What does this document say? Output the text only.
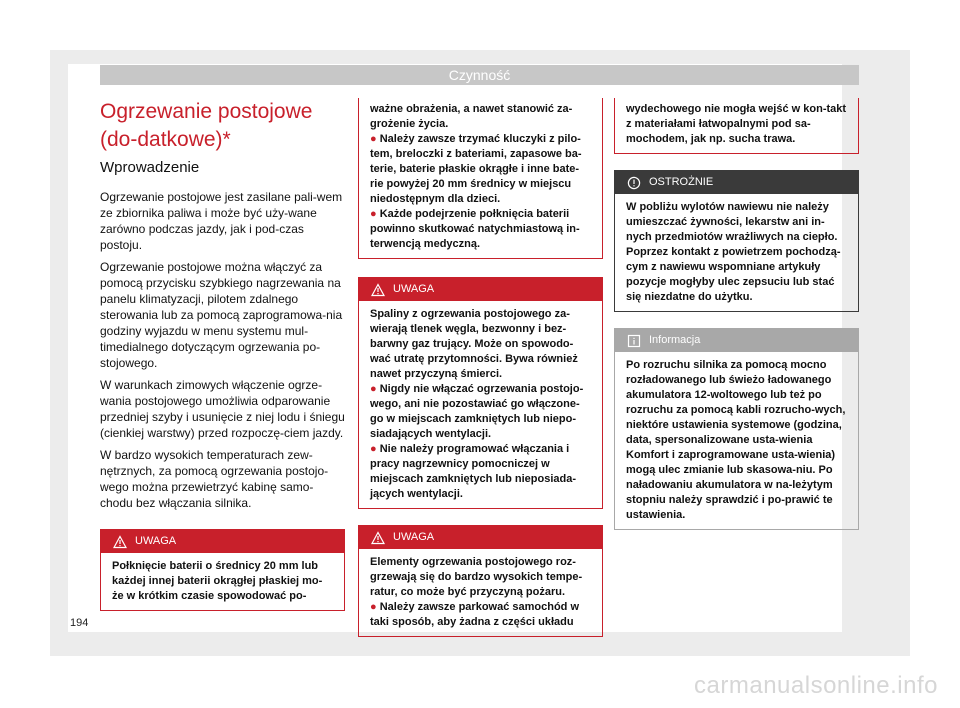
Czynność
Ogrzewanie postojowe (do-datkowe)*
Wprowadzenie

Ogrzewanie postojowe jest zasilane pali-wem ze zbiornika paliwa i może być uży-wane zarówno podczas jazdy, jak i pod-czas postoju.

Ogrzewanie postojowe można włączyć za pomocą przycisku szybkiego nagrzewania na panelu klimatyzacji, pilotem zdalnego sterowania lub za pomocą zaprogramowa-nia godziny wyjazdu w menu systemu mul-timedialnego dotyczącym ogrzewania po-stojowego.

W warunkach zimowych włączenie ogrze-wania postojowego umożliwia odparowanie przedniej szyby i usunięcie z niej lodu i śniegu (cienkiej warstwy) przed rozpoczę-ciem jazdy.

W bardzo wysokich temperaturach zew-nętrznych, za pomocą ogrzewania postojo-wego można przewietrzyć kabinę samo-chodu bez włączania silnika.

UWAGA

Połknięcie baterii o średnicy 20 mm lub każdej innej baterii okrągłej płaskiej mo-że w krótkim czasie spowodować po-

ważne obrażenia, a nawet stanowić za-grożenie życia.

● Należy zawsze trzymać kluczyki z pilo-tem, breloczki z bateriami, zapasowe ba-terie, baterie płaskie okrągłe i inne bate-rie powyżej 20 mm średnicy w miejscu niedostępnym dla dzieci.

● Każde podejrzenie połknięcia baterii powinno skutkować natychmiastową in-terwencją medyczną.

UWAGA

Spaliny z ogrzewania postojowego za-wierają tlenek węgla, bezwonny i bez-barwny gaz trujący. Może on spowodo-wać utratę przytomności. Bywa również nawet przyczyną śmierci.

● Nigdy nie włączać ogrzewania postojo-wego, ani nie pozostawiać go włączone-go w miejscach zamkniętych lub niepo-siadających wentylacji.

● Nie należy programować włączania i pracy nagrzewnicy pomocniczej w miejscach zamkniętych lub nieposiada-jących wentylacji.

UWAGA

Elementy ogrzewania postojowego roz-grzewają się do bardzo wysokich tempe-ratur, co może być przyczyną pożaru.

● Należy zawsze parkować samochód w taki sposób, aby żadna z części układu

wydechowego nie mogła wejść w kon-takt z materiałami łatwopalnymi pod sa-mochodem, jak np. sucha trawa.

OSTROŻNIE

W pobliżu wylotów nawiewu nie należy umieszczać żywności, lekarstw ani in-nych przedmiotów wrażliwych na ciepło. Poprzez kontakt z powietrzem pochodzą-cym z nawiewu wspomniane artykuły pozycje mogłyby ulec zepsuciu lub stać się niezdatne do użytku.

Informacja

Po rozruchu silnika za pomocą mocno rozładowanego lub świeżo ładowanego akumulatora 12-woltowego lub też po rozruchu za pomocą kabli rozrucho-wych, niektóre ustawienia systemowe (godzina, data, spersonalizowane usta-wienia Komfort i zaprogramowane usta-wienia) mogą ulec zmianie lub skasowa-niu. Po naładowaniu akumulatora w na-leżytym stopniu należy sprawdzić i po-prawić te ustawienia.

194
carmanualsonline.info
